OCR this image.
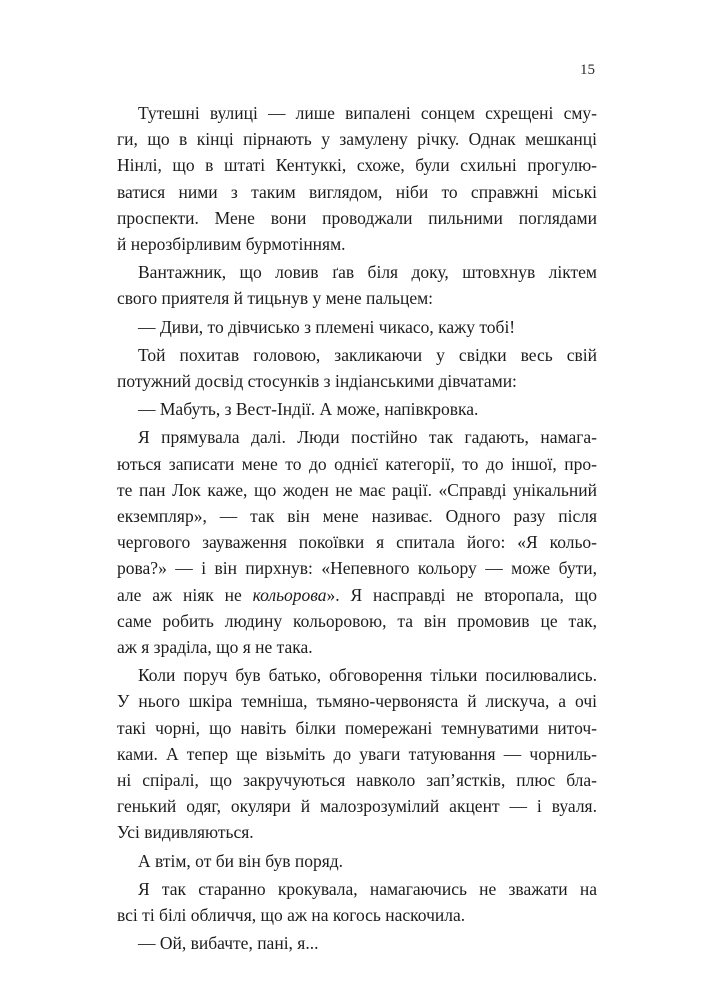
15
Тутешні вулиці — лише випалені сонцем схрещені сму-
ги, що в кінці пірнають у замулену річку. Однак мешканці
Нінлі, що в штаті Кентуккі, схоже, були схильні прогулю-
ватися ними з таким виглядом, ніби то справжні міські
проспекти. Мене вони проводжали пильними поглядами
й нерозбірливим бурмотінням.
Вантажник, що ловив ґав біля доку, штовхнув ліктем
свого приятеля й тицьнув у мене пальцем:
— Диви, то дівчисько з племені чикасо, кажу тобі!
Той похитав головою, закликаючи у свідки весь свій
потужний досвід стосунків з індіанськими дівчатами:
— Мабуть, з Вест-Індії. А може, напівкровка.
Я прямувала далі. Люди постійно так гадають, намага-
ються записати мене то до однієї категорії, то до іншої, про-
те пан Лок каже, що жоден не має рації. «Справді унікальний
екземпляр», — так він мене називає. Одного разу після
чергового зауваження покоївки я спитала його: «Я кольо-
рова?» — і він пирхнув: «Непевного кольору — може бути,
але аж ніяк не кольорова». Я насправді не второпала, що
саме робить людину кольоровою, та він промовив це так,
аж я зраділа, що я не така.
Коли поруч був батько, обговорення тільки посилювались.
У нього шкіра темніша, тьмяно-червоняста й лискуча, а очі
такі чорні, що навіть білки помережані темнуватими ниточ-
ками. А тепер ще візьміть до уваги татуювання — чорниль-
ні спіралі, що закручуються навколо зап’ястків, плюс бла-
генький одяг, окуляри й малозрозумілий акцент — і вуаля.
Усі видивляються.
А втім, от би він був поряд.
Я так старанно крокувала, намагаючись не зважати на
всі ті білі обличчя, що аж на когось наскочила.
— Ой, вибачте, пані, я...
